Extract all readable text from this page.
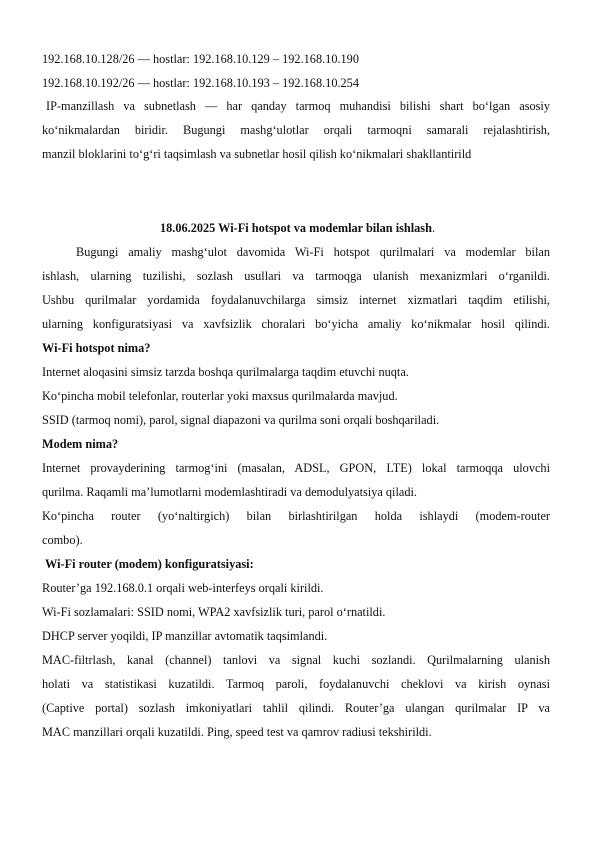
192.168.10.128/26 — hostlar: 192.168.10.129 – 192.168.10.190
192.168.10.192/26 — hostlar: 192.168.10.193 – 192.168.10.254
IP-manzillash va subnetlash — har qanday tarmoq muhandisi bilishi shart bo‘lgan asosiy
ko‘nikmalardan biridir. Bugungi mashg‘ulotlar orqali tarmoqni samarali rejalashtirish,
manzil bloklarini to‘g‘ri taqsimlash va subnetlar hosil qilish ko‘nikmalari shakllantirild
18.06.2025 Wi-Fi hotspot va modemlar bilan ishlash.
Bugungi amaliy mashg‘ulot davomida Wi-Fi hotspot qurilmalari va modemlar bilan
ishlash, ularning tuzilishi, sozlash usullari va tarmoqga ulanish mexanizmlari o‘rganildi.
Ushbu qurilmalar yordamida foydalanuvchilarga simsiz internet xizmatlari taqdim etilishi,
ularning konfiguratsiyasi va xavfsizlik choralari bo‘yicha amaliy ko‘nikmalar hosil qilindi.
Wi-Fi hotspot nima?
Internet aloqasini simsiz tarzda boshqa qurilmalarga taqdim etuvchi nuqta.
Ko‘pincha mobil telefonlar, routerlar yoki maxsus qurilmalarda mavjud.
SSID (tarmoq nomi), parol, signal diapazoni va qurilma soni orqali boshqariladi.
Modem nima?
Internet provayderining tarmog‘ini (masalan, ADSL, GPON, LTE) lokal tarmoqqa ulovchi
qurilma. Raqamli ma’lumotlarni modemlashtiradi va demodulyatsiya qiladi.
Ko‘pincha router (yo‘naltirgich) bilan birlashtirilgan holda ishlaydi (modem-router
combo).
Wi-Fi router (modem) konfiguratsiyasi:
Router’ga 192.168.0.1 orqali web-interfeys orqali kirildi.
Wi-Fi sozlamalari: SSID nomi, WPA2 xavfsizlik turi, parol o‘rnatildi.
DHCP server yoqildi, IP manzillar avtomatik taqsimlandi.
MAC-filtrlash, kanal (channel) tanlovi va signal kuchi sozlandi. Qurilmalarning ulanish
holati va statistikasi kuzatildi. Tarmoq paroli, foydalanuvchi cheklovi va kirish oynasi
(Captive portal) sozlash imkoniyatlari tahlil qilindi. Router’ga ulangan qurilmalar IP va
MAC manzillari orqali kuzatildi. Ping, speed test va qamrov radiusi tekshirildi.
